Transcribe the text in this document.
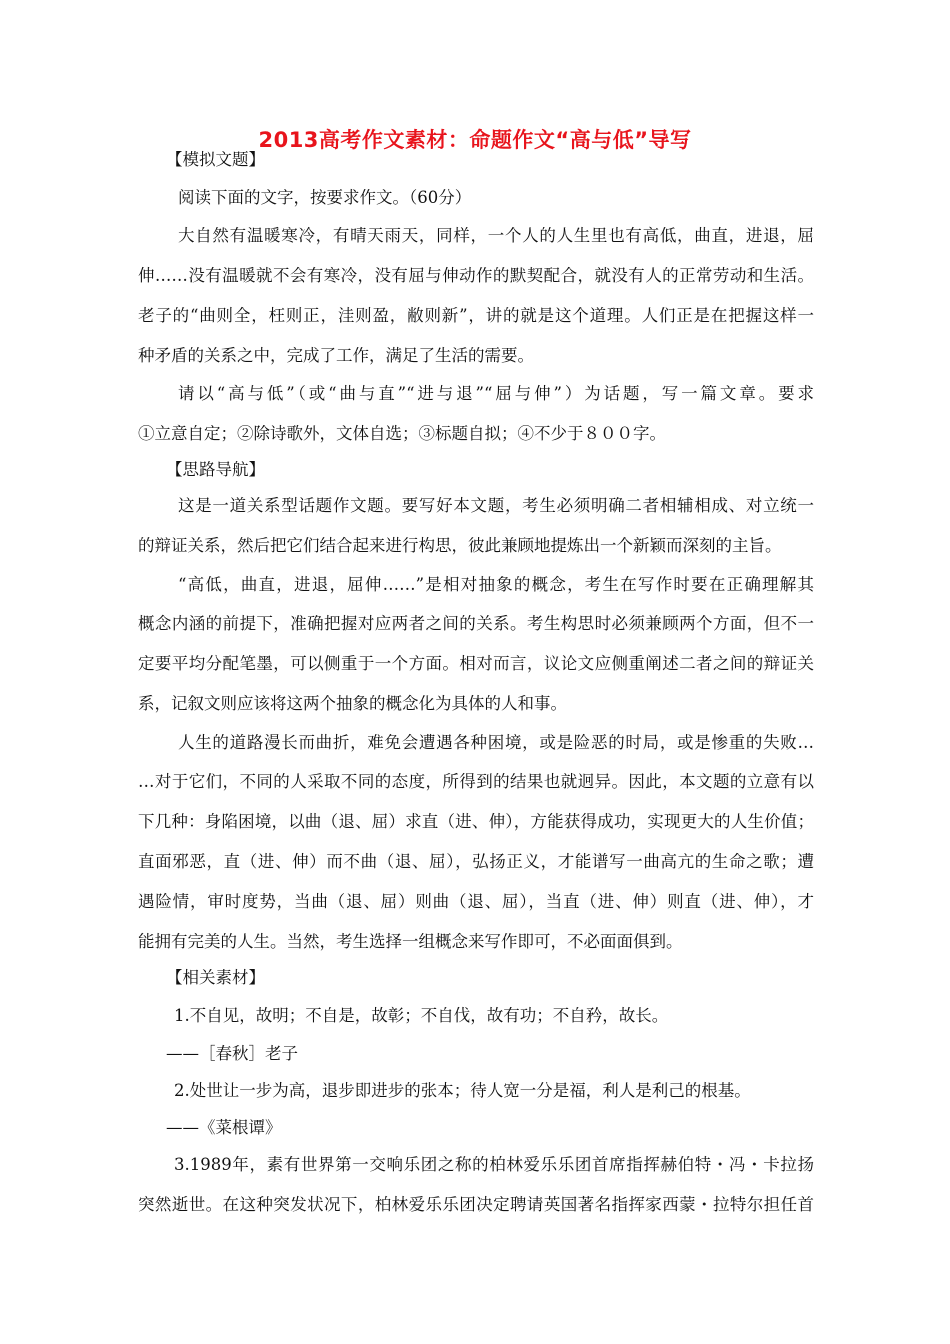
2013高考作文素材：命题作文“高与低”导写
【模拟文题】
阅读下面的文字，按要求作文。（60分）
大自然有温暖寒冷，有晴天雨天，同样，一个人的人生里也有高低，曲直，进退，屈
伸……没有温暖就不会有寒冷，没有屈与伸动作的默契配合，就没有人的正常劳动和生活。
老子的“曲则全，枉则正，洼则盈，敝则新”，讲的就是这个道理。人们正是在把握这样一
种矛盾的关系之中，完成了工作，满足了生活的需要。
请以“高与低”（或“曲与直”“进与退”“屈与伸”）为话题，写一篇文章。要求
①立意自定；②除诗歌外，文体自选；③标题自拟；④不少于８００字。
【思路导航】
这是一道关系型话题作文题。要写好本文题，考生必须明确二者相辅相成、对立统一
的辩证关系，然后把它们结合起来进行构思，彼此兼顾地提炼出一个新颖而深刻的主旨。
“高低，曲直，进退，屈伸……”是相对抽象的概念，考生在写作时要在正确理解其
概念内涵的前提下，准确把握对应两者之间的关系。考生构思时必须兼顾两个方面，但不一
定要平均分配笔墨，可以侧重于一个方面。相对而言，议论文应侧重阐述二者之间的辩证关
系，记叙文则应该将这两个抽象的概念化为具体的人和事。
人生的道路漫长而曲折，难免会遭遇各种困境，或是险恶的时局，或是惨重的失败…
…对于它们，不同的人采取不同的态度，所得到的结果也就迥异。因此，本文题的立意有以
下几种：身陷困境，以曲（退、屈）求直（进、伸），方能获得成功，实现更大的人生价值；
直面邪恶，直（进、伸）而不曲（退、屈），弘扬正义，才能谱写一曲高亢的生命之歌；遭
遇险情，审时度势，当曲（退、屈）则曲（退、屈），当直（进、伸）则直（进、伸），才
能拥有完美的人生。当然，考生选择一组概念来写作即可，不必面面俱到。
【相关素材】
1.不自见，故明；不自是，故彰；不自伐，故有功；不自矜，故长。
——［春秋］老子
2.处世让一步为高，退步即进步的张本；待人宽一分是福，利人是利己的根基。
——《菜根谭》
3.1989年，素有世界第一交响乐团之称的柏林爱乐乐团首席指挥赫伯特・冯・卡拉扬
突然逝世。在这种突发状况下，柏林爱乐乐团决定聘请英国著名指挥家西蒙・拉特尔担任首
